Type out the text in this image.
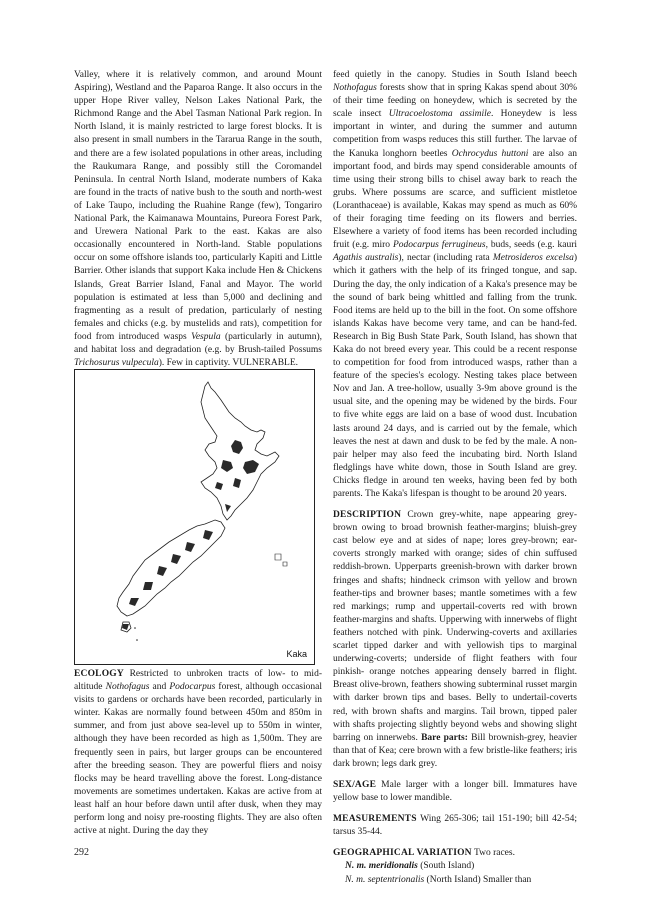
Valley, where it is relatively common, and around Mount Aspiring), Westland and the Paparoa Range. It also occurs in the upper Hope River valley, Nelson Lakes National Park, the Richmond Range and the Abel Tasman National Park region. In North Island, it is mainly restricted to large forest blocks. It is also present in small numbers in the Tararua Range in the south, and there are a few isolated populations in other areas, including the Raukumara Range, and possibly still the Coromandel Peninsula. In central North Island, moderate numbers of Kaka are found in the tracts of native bush to the south and north-west of Lake Taupo, including the Ruahine Range (few), Tongariro National Park, the Kaimanawa Mountains, Pureora Forest Park, and Urewera National Park to the east. Kakas are also occasionally encountered in North-land. Stable populations occur on some offshore islands too, particularly Kapiti and Little Barrier. Other islands that support Kaka include Hen & Chickens Islands, Great Barrier Island, Fanal and Mayor. The world population is estimated at less than 5,000 and declining and fragmenting as a result of predation, particularly of nesting females and chicks (e.g. by mustelids and rats), competition for food from introduced wasps Vespula (particularly in autumn), and habitat loss and degradation (e.g. by Brush-tailed Possums Trichosurus vulpecula). Few in captivity. VULNERABLE.

Kaka

ECOLOGY Restricted to unbroken tracts of low- to mid-altitude Nothofagus and Podocarpus forest, although occasional visits to gardens or orchards have been recorded, particularly in winter. Kakas are normally found between 450m and 850m in summer, and from just above sea-level up to 550m in winter, although they have been recorded as high as 1,500m. They are frequently seen in pairs, but larger groups can be encountered after the breeding season. They are powerful fliers and noisy flocks may be heard travelling above the forest. Long-distance movements are sometimes undertaken. Kakas are active from at least half an hour before dawn until after dusk, when they may perform long and noisy pre-roosting flights. They are also often active at night. During the day they

feed quietly in the canopy. Studies in South Island beech Nothofagus forests show that in spring Kakas spend about 30% of their time feeding on honeydew, which is secreted by the scale insect Ultracoelostoma assimile. Honeydew is less important in winter, and during the summer and autumn competition from wasps reduces this still further. The larvae of the Kanuka longhorn beetles Ochrocydus huttoni are also an important food, and birds may spend considerable amounts of time using their strong bills to chisel away bark to reach the grubs. Where possums are scarce, and sufficient mistletoe (Loranthaceae) is available, Kakas may spend as much as 60% of their foraging time feeding on its flowers and berries. Elsewhere a variety of food items has been recorded including fruit (e.g. miro Podocarpus ferrugineus, buds, seeds (e.g. kauri Agathis australis), nectar (including rata Metrosideros excelsa) which it gathers with the help of its fringed tongue, and sap. During the day, the only indication of a Kaka's presence may be the sound of bark being whittled and falling from the trunk. Food items are held up to the bill in the foot. On some offshore islands Kakas have become very tame, and can be hand-fed. Research in Big Bush State Park, South Island, has shown that Kaka do not breed every year. This could be a recent response to competition for food from introduced wasps, rather than a feature of the species's ecology. Nesting takes place between Nov and Jan. A tree-hollow, usually 3-9m above ground is the usual site, and the opening may be widened by the birds. Four to five white eggs are laid on a base of wood dust. Incubation lasts around 24 days, and is carried out by the female, which leaves the nest at dawn and dusk to be fed by the male. A non-pair helper may also feed the incubating bird. North Island fledglings have white down, those in South Island are grey. Chicks fledge in around ten weeks, having been fed by both parents. The Kaka's lifespan is thought to be around 20 years.

DESCRIPTION Crown grey-white, nape appearing grey-brown owing to broad brownish feather-margins; bluish-grey cast below eye and at sides of nape; lores grey-brown; ear-coverts strongly marked with orange; sides of chin suffused reddish-brown. Upperparts greenish-brown with darker brown fringes and shafts; hindneck crimson with yellow and brown feather-tips and browner bases; mantle sometimes with a few red markings; rump and uppertail-coverts red with brown feather-margins and shafts. Upperwing with innerwebs of flight feathers notched with pink. Underwing-coverts and axillaries scarlet tipped darker and with yellowish tips to marginal underwing-coverts; underside of flight feathers with four pinkish- orange notches appearing densely barred in flight. Breast olive-brown, feathers showing subterminal russet margin with darker brown tips and bases. Belly to undertail-coverts red, with brown shafts and margins. Tail brown, tipped paler with shafts projecting slightly beyond webs and showing slight barring on innerwebs. Bare parts: Bill brownish-grey, heavier than that of Kea; cere brown with a few bristle-like feathers; iris dark brown; legs dark grey.

SEX/AGE Male larger with a longer bill. Immatures have yellow base to lower mandible.

MEASUREMENTS Wing 265-306; tail 151-190; bill 42-54; tarsus 35-44.

GEOGRAPHICAL VARIATION Two races.

N. m. meridionalis (South Island)

N. m. septentrionalis (North Island) Smaller than

292
